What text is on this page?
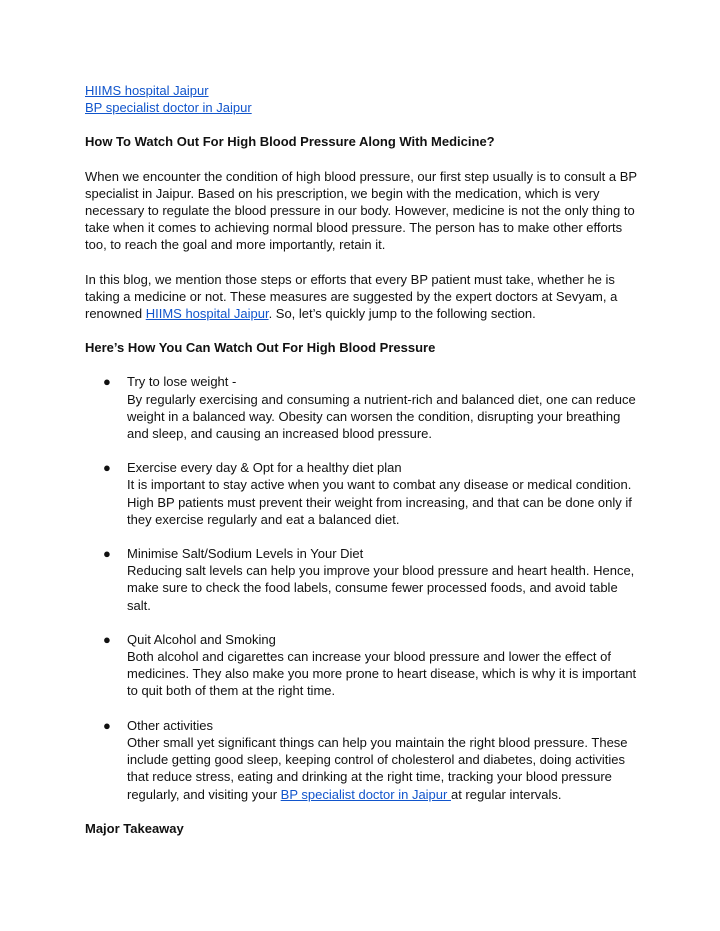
HIIMS hospital Jaipur
BP specialist doctor in Jaipur
How To Watch Out For High Blood Pressure Along With Medicine?

When we encounter the condition of high blood pressure, our first step usually is to consult a BP specialist in Jaipur. Based on his prescription, we begin with the medication, which is very necessary to regulate the blood pressure in our body. However, medicine is not the only thing to take when it comes to achieving normal blood pressure. The person has to make other efforts too, to reach the goal and more importantly, retain it.

In this blog, we mention those steps or efforts that every BP patient must take, whether he is taking a medicine or not. These measures are suggested by the expert doctors at Sevyam, a renowned HIIMS hospital Jaipur. So, let’s quickly jump to the following section.

Here’s How You Can Watch Out For High Blood Pressure
● Try to lose weight -
By regularly exercising and consuming a nutrient-rich and balanced diet, one can reduce weight in a balanced way. Obesity can worsen the condition, disrupting your breathing and sleep, and causing an increased blood pressure.
● Exercise every day & Opt for a healthy diet plan
It is important to stay active when you want to combat any disease or medical condition. High BP patients must prevent their weight from increasing, and that can be done only if they exercise regularly and eat a balanced diet.
● Minimise Salt/Sodium Levels in Your Diet
Reducing salt levels can help you improve your blood pressure and heart health. Hence, make sure to check the food labels, consume fewer processed foods, and avoid table salt.
● Quit Alcohol and Smoking
Both alcohol and cigarettes can increase your blood pressure and lower the effect of medicines. They also make you more prone to heart disease, which is why it is important to quit both of them at the right time.
● Other activities
Other small yet significant things can help you maintain the right blood pressure. These include getting good sleep, keeping control of cholesterol and diabetes, doing activities that reduce stress, eating and drinking at the right time, tracking your blood pressure regularly, and visiting your BP specialist doctor in Jaipur at regular intervals.
Major Takeaway
